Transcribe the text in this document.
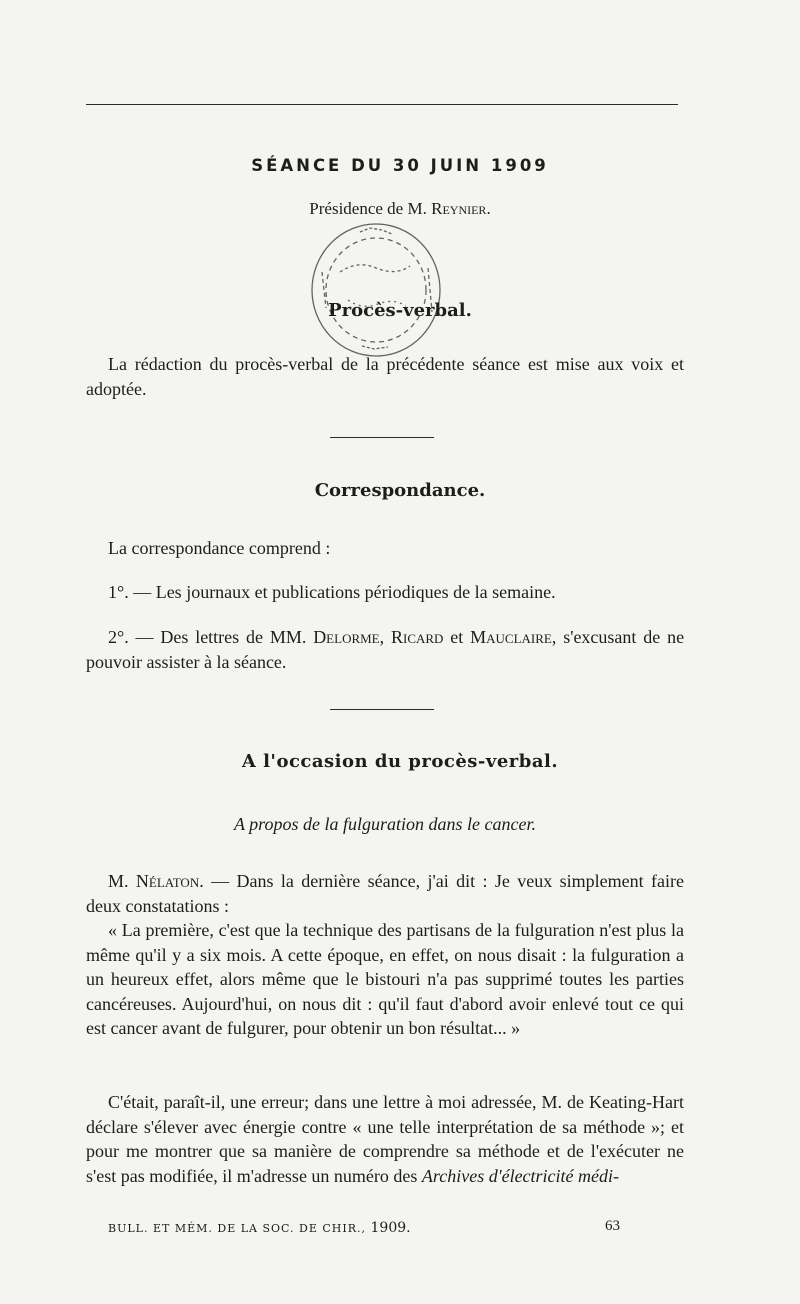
SÉANCE DU 30 JUIN 1909
Présidence de M. Reynier.
Procès-verbal.
La rédaction du procès-verbal de la précédente séance est mise aux voix et adoptée.
Correspondance.
La correspondance comprend :
1°. — Les journaux et publications périodiques de la semaine.
2°. — Des lettres de MM. Delorme, Ricard et Mauclaire, s'excusant de ne pouvoir assister à la séance.
A l'occasion du procès-verbal.
A propos de la fulguration dans le cancer.
M. Nélaton. — Dans la dernière séance, j'ai dit : Je veux simplement faire deux constatations :
« La première, c'est que la technique des partisans de la fulguration n'est plus la même qu'il y a six mois. A cette époque, en effet, on nous disait : la fulguration a un heureux effet, alors même que le bistouri n'a pas supprimé toutes les parties cancéreuses. Aujourd'hui, on nous dit : qu'il faut d'abord avoir enlevé tout ce qui est cancer avant de fulgurer, pour obtenir un bon résultat... »
C'était, paraît-il, une erreur; dans une lettre à moi adressée, M. de Keating-Hart déclare s'élever avec énergie contre « une telle interprétation de sa méthode »; et pour me montrer que sa manière de comprendre sa méthode et de l'exécuter ne s'est pas modifiée, il m'adresse un numéro des Archives d'électricité médi-
BULL. ET MÉM. DE LA SOC. DE CHIR., 1909.	63
